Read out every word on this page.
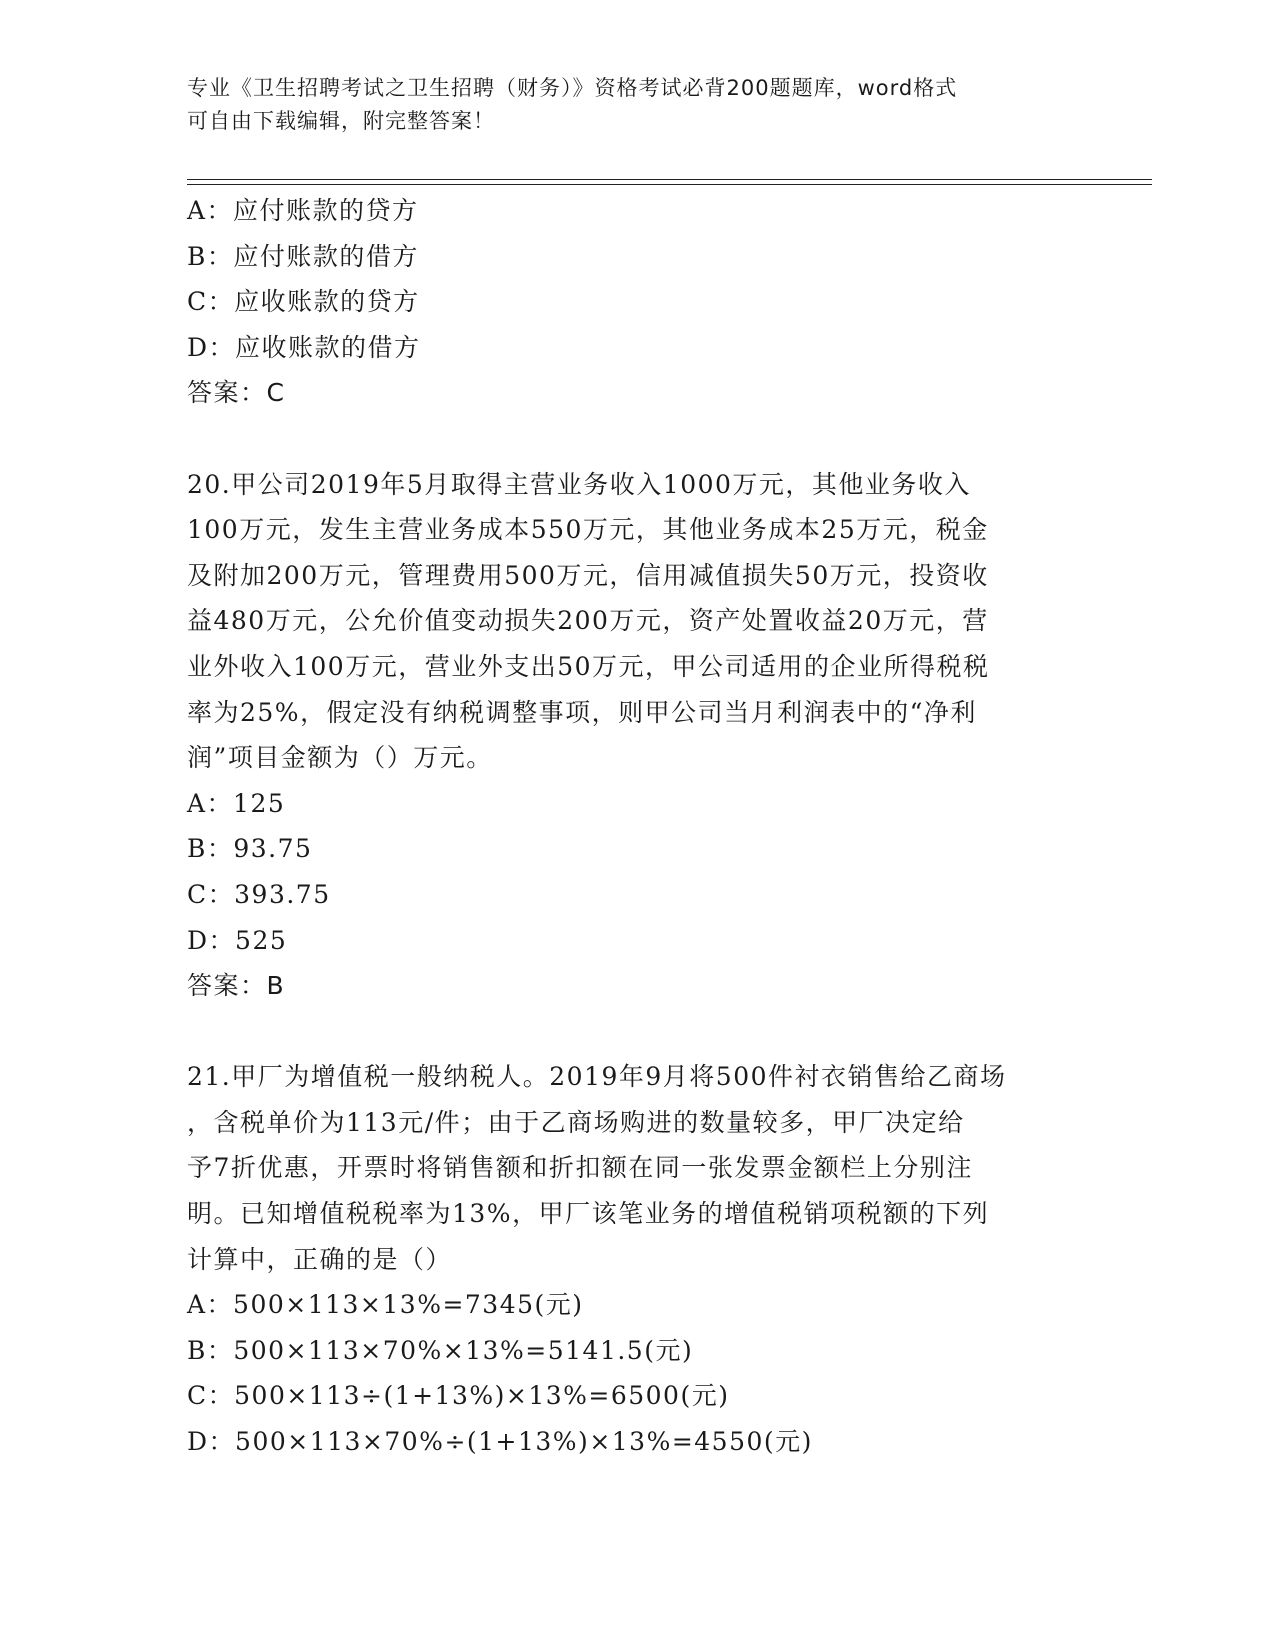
专业《卫生招聘考试之卫生招聘（财务）》资格考试必背200题题库，word格式
可自由下载编辑，附完整答案！
A：应付账款的贷方
B：应付账款的借方
C：应收账款的贷方
D：应收账款的借方
答案：C
20.甲公司2019年5月取得主营业务收入1000万元，其他业务收入
100万元，发生主营业务成本550万元，其他业务成本25万元，税金
及附加200万元，管理费用500万元，信用减值损失50万元，投资收
益480万元，公允价值变动损失200万元，资产处置收益20万元，营
业外收入100万元，营业外支出50万元，甲公司适用的企业所得税税
率为25%，假定没有纳税调整事项，则甲公司当月利润表中的“净利
润”项目金额为（）万元。
A：125
B：93.75
C：393.75
D：525
答案：B
21.甲厂为增值税一般纳税人。2019年9月将500件衬衣销售给乙商场
，含税单价为113元/件；由于乙商场购进的数量较多，甲厂决定给
予7折优惠，开票时将销售额和折扣额在同一张发票金额栏上分别注
明。已知增值税税率为13%，甲厂该笔业务的增值税销项税额的下列
计算中，正确的是（）
A：500×113×13%=7345(元)
B：500×113×70%×13%=5141.5(元)
C：500×113÷(1+13%)×13%=6500(元)
D：500×113×70%÷(1+13%)×13%=4550(元)
